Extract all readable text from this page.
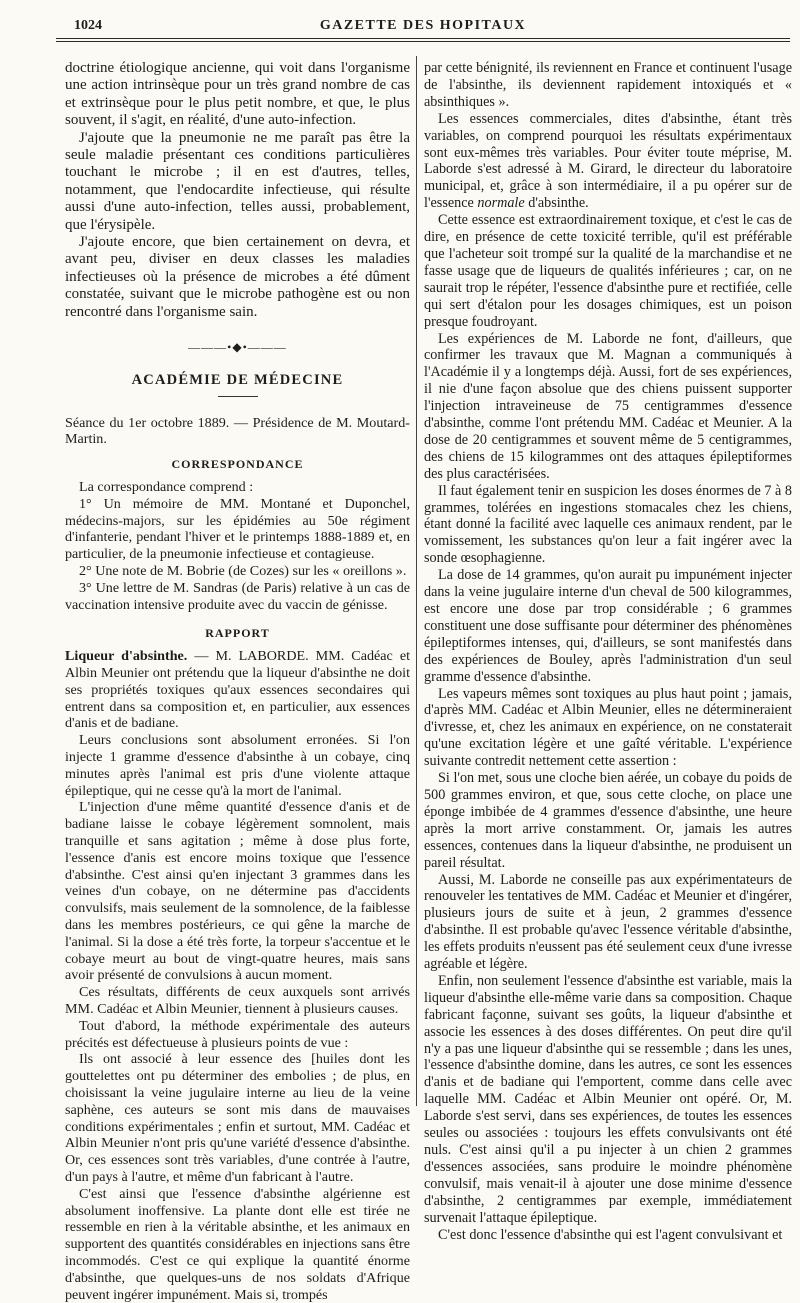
1024	GAZETTE DES HOPITAUX

doctrine étiologique ancienne, qui voit dans l'organisme une action intrinsèque pour un très grand nombre de cas et extrinsèque pour le plus petit nombre, et que, le plus souvent, il s'agit, en réalité, d'une auto-infection.

J'ajoute que la pneumonie ne me paraît pas être la seule maladie présentant ces conditions particulières touchant le microbe ; il en est d'autres, telles, notamment, que l'endocardite infectieuse, qui résulte aussi d'une auto-infection, telles aussi, probablement, que l'érysipèle.

J'ajoute encore, que bien certainement on devra, et avant peu, diviser en deux classes les maladies infectieuses où la présence de microbes a été dûment constatée, suivant que le microbe pathogène est ou non rencontré dans l'organisme sain.

———•◆•———
ACADÉMIE DE MÉDECINE

Séance du 1er octobre 1889. — Présidence de M. Moutard-Martin.

CORRESPONDANCE

La correspondance comprend :

1° Un mémoire de MM. Montané et Duponchel, médecins-majors, sur les épidémies au 50e régiment d'infanterie, pendant l'hiver et le printemps 1888-1889 et, en particulier, de la pneumonie infectieuse et contagieuse.

2° Une note de M. Bobrie (de Cozes) sur les « oreillons ».

3° Une lettre de M. Sandras (de Paris) relative à un cas de vaccination intensive produite avec du vaccin de génisse.

RAPPORT

Liqueur d'absinthe. — M. LABORDE. MM. Cadéac et Albin Meunier ont prétendu que la liqueur d'absinthe ne doit ses propriétés toxiques qu'aux essences secondaires qui entrent dans sa composition et, en particulier, aux essences d'anis et de badiane.

Leurs conclusions sont absolument erronées. Si l'on injecte 1 gramme d'essence d'absinthe à un cobaye, cinq minutes après l'animal est pris d'une violente attaque épileptique, qui ne cesse qu'à la mort de l'animal.

L'injection d'une même quantité d'essence d'anis et de badiane laisse le cobaye légèrement somnolent, mais tranquille et sans agitation ; même à dose plus forte, l'essence d'anis est encore moins toxique que l'essence d'absinthe. C'est ainsi qu'en injectant 3 grammes dans les veines d'un cobaye, on ne détermine pas d'accidents convulsifs, mais seulement de la somnolence, de la faiblesse dans les membres postérieurs, ce qui gêne la marche de l'animal. Si la dose a été très forte, la torpeur s'accentue et le cobaye meurt au bout de vingt-quatre heures, mais sans avoir présenté de convulsions à aucun moment.

Ces résultats, différents de ceux auxquels sont arrivés MM. Cadéac et Albin Meunier, tiennent à plusieurs causes.

Tout d'abord, la méthode expérimentale des auteurs précités est défectueuse à plusieurs points de vue :

Ils ont associé à leur essence des [huiles dont les gouttelettes ont pu déterminer des embolies ; de plus, en choisissant la veine jugulaire interne au lieu de la veine saphène, ces auteurs se sont mis dans de mauvaises conditions expérimentales ; enfin et surtout, MM. Cadéac et Albin Meunier n'ont pris qu'une variété d'essence d'absinthe. Or, ces essences sont très variables, d'une contrée à l'autre, d'un pays à l'autre, et même d'un fabricant à l'autre.

C'est ainsi que l'essence d'absinthe algérienne est absolument inoffensive. La plante dont elle est tirée ne ressemble en rien à la véritable absinthe, et les animaux en supportent des quantités considérables en injections sans être incommodés. C'est ce qui explique la quantité énorme d'absinthe, que quelques-uns de nos soldats d'Afrique peuvent ingérer impunément. Mais si, trompés

par cette bénignité, ils reviennent en France et continuent l'usage de l'absinthe, ils deviennent rapidement intoxiqués et « absinthiques ».

Les essences commerciales, dites d'absinthe, étant très variables, on comprend pourquoi les résultats expérimentaux sont eux-mêmes très variables. Pour éviter toute méprise, M. Laborde s'est adressé à M. Girard, le directeur du laboratoire municipal, et, grâce à son intermédiaire, il a pu opérer sur de l'essence normale d'absinthe.

Cette essence est extraordinairement toxique, et c'est le cas de dire, en présence de cette toxicité terrible, qu'il est préférable que l'acheteur soit trompé sur la qualité de la marchandise et ne fasse usage que de liqueurs de qualités inférieures ; car, on ne saurait trop le répéter, l'essence d'absinthe pure et rectifiée, celle qui sert d'étalon pour les dosages chimiques, est un poison presque foudroyant.

Les expériences de M. Laborde ne font, d'ailleurs, que confirmer les travaux que M. Magnan a communiqués à l'Académie il y a longtemps déjà. Aussi, fort de ses expériences, il nie d'une façon absolue que des chiens puissent supporter l'injection intraveineuse de 75 centigrammes d'essence d'absinthe, comme l'ont prétendu MM. Cadéac et Meunier. A la dose de 20 centigrammes et souvent même de 5 centigrammes, des chiens de 15 kilogrammes ont des attaques épileptiformes des plus caractérisées.

Il faut également tenir en suspicion les doses énormes de 7 à 8 grammes, tolérées en ingestions stomacales chez les chiens, étant donné la facilité avec laquelle ces animaux rendent, par le vomissement, les substances qu'on leur a fait ingérer avec la sonde œsophagienne.

La dose de 14 grammes, qu'on aurait pu impunément injecter dans la veine jugulaire interne d'un cheval de 500 kilogrammes, est encore une dose par trop considérable ; 6 grammes constituent une dose suffisante pour déterminer des phénomènes épileptiformes intenses, qui, d'ailleurs, se sont manifestés dans des expériences de Bouley, après l'administration d'un seul gramme d'essence d'absinthe.

Les vapeurs mêmes sont toxiques au plus haut point ; jamais, d'après MM. Cadéac et Albin Meunier, elles ne détermineraient d'ivresse, et, chez les animaux en expérience, on ne constaterait qu'une excitation légère et une gaîté véritable. L'expérience suivante contredit nettement cette assertion :

Si l'on met, sous une cloche bien aérée, un cobaye du poids de 500 grammes environ, et que, sous cette cloche, on place une éponge imbibée de 4 grammes d'essence d'absinthe, une heure après la mort arrive constamment. Or, jamais les autres essences, contenues dans la liqueur d'absinthe, ne produisent un pareil résultat.

Aussi, M. Laborde ne conseille pas aux expérimentateurs de renouveler les tentatives de MM. Cadéac et Meunier et d'ingérer, plusieurs jours de suite et à jeun, 2 grammes d'essence d'absinthe. Il est probable qu'avec l'essence véritable d'absinthe, les effets produits n'eussent pas été seulement ceux d'une ivresse agréable et légère.

Enfin, non seulement l'essence d'absinthe est variable, mais la liqueur d'absinthe elle-même varie dans sa composition. Chaque fabricant façonne, suivant ses goûts, la liqueur d'absinthe et associe les essences à des doses différentes. On peut dire qu'il n'y a pas une liqueur d'absinthe qui se ressemble ; dans les unes, l'essence d'absinthe domine, dans les autres, ce sont les essences d'anis et de badiane qui l'emportent, comme dans celle avec laquelle MM. Cadéac et Albin Meunier ont opéré. Or, M. Laborde s'est servi, dans ses expériences, de toutes les essences seules ou associées : toujours les effets convulsivants ont été nuls. C'est ainsi qu'il a pu injecter à un chien 2 grammes d'essences associées, sans produire le moindre phénomène convulsif, mais venait-il à ajouter une dose minime d'essence d'absinthe, 2 centigrammes par exemple, immédiatement survenait l'attaque épileptique.

C'est donc l'essence d'absinthe qui est l'agent convulsivant et
